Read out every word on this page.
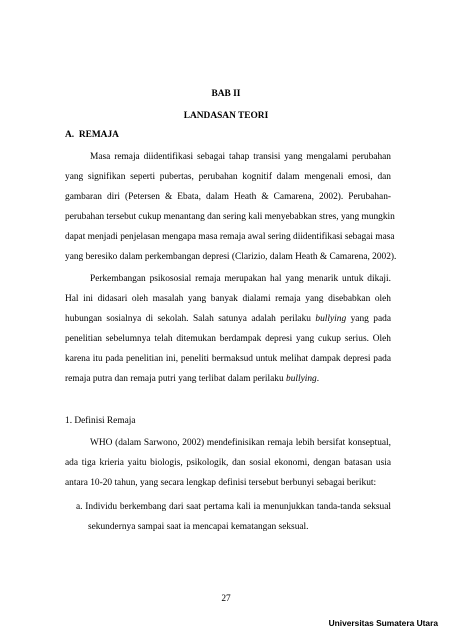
BAB II
LANDASAN TEORI
A. REMAJA
Masa remaja diidentifikasi sebagai tahap transisi yang mengalami perubahan
yang signifikan seperti pubertas, perubahan kognitif dalam mengenali emosi, dan
gambaran diri (Petersen & Ebata, dalam Heath & Camarena, 2002). Perubahan-
perubahan tersebut cukup menantang dan sering kali menyebabkan stres, yang mungkin
dapat menjadi penjelasan mengapa masa remaja awal sering diidentifikasi sebagai masa
yang beresiko dalam perkembangan depresi (Clarizio, dalam Heath & Camarena, 2002).
Perkembangan psikososial remaja merupakan hal yang menarik untuk dikaji.
Hal ini didasari oleh masalah yang banyak dialami remaja yang disebabkan oleh
hubungan sosialnya di sekolah. Salah satunya adalah perilaku bullying yang pada
penelitian sebelumnya telah ditemukan berdampak depresi yang cukup serius. Oleh
karena itu pada penelitian ini, peneliti bermaksud untuk melihat dampak depresi pada
remaja putra dan remaja putri yang terlibat dalam perilaku bullying.
1. Definisi Remaja
WHO (dalam Sarwono, 2002) mendefinisikan remaja lebih bersifat konseptual,
ada tiga krieria yaitu biologis, psikologik, dan sosial ekonomi, dengan batasan usia
antara 10-20 tahun, yang secara lengkap definisi tersebut berbunyi sebagai berikut:
a. Individu berkembang dari saat pertama kali ia menunjukkan tanda-tanda seksual
sekundernya sampai saat ia mencapai kematangan seksual.
27
Universitas Sumatera Utara
